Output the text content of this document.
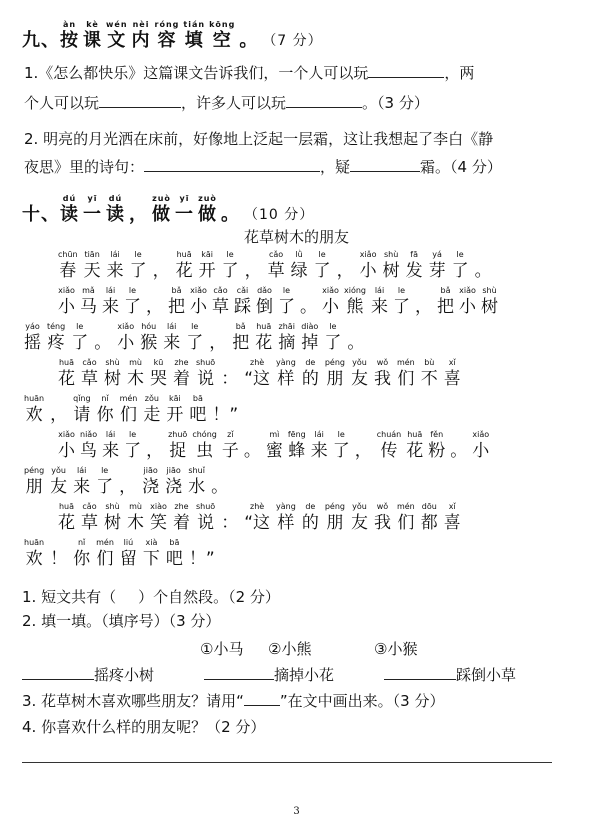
九、
àn
按
kè
课
wén
文
nèi
内
róng
容
tián
填
kōng
空 。 （7 分）
1.《怎么都快乐》这篇课文告诉我们，一个人可以玩	，两
个人可以玩	，许多人可以玩	。（3 分）
2. 明亮的月光洒在床前，好像地上泛起一层霜，这让我想起了李白《静
夜思》里的诗句：	，疑	霜。（4 分）
十、
dú
读
yī
一
dú
读 ，
zuò
做
yī
一
zuò
做 。 （10 分）
花草树木的朋友
chūn
春
tiān
天
lái
来
le
了 ，
huā
花
kāi
开
le
了 ，
cǎo
草
lǜ
绿
le
了 ，
xiǎo
小
shù
树
fā
发
yá
芽
le
了 。
xiǎo
小
mǎ
马
lái
来
le
了 ，
bǎ
把
xiǎo
小
cǎo
草
cǎi
踩
dǎo
倒
le
了 。
xiǎo
小
xióng
熊
lái
来
le
了 ，
bǎ
把
xiǎo
小
shù
树
yáo
摇
téng
疼
le
了 。
xiǎo
小
hóu
猴
lái
来
le
了 ，
bǎ
把
huā
花
zhāi
摘
diào
掉
le
了 。
huā
花
cǎo
草
shù
树
mù
木
kū
哭
zhe
着
shuō
说 ：
zhè
“这
yàng
样
de
的
péng
朋
yǒu
友
wǒ
我
mén
们
bù
不
xǐ
喜
huān
欢 ，
qǐng
请
nǐ
你
mén
们
zǒu
走
kāi
开
bā
吧 ！”
xiǎo
小
niǎo
鸟
lái
来
le
了 ，
zhuō
捉
chóng
虫
zǐ
子 。
mì
蜜
fēng
蜂
lái
来
le
了 ，
chuán
传
huā
花
fěn
粉 。
xiǎo
小
péng
朋
yǒu
友
lái
来
le
了 ，
jiāo
浇
jiāo
浇
shuǐ
水 。
huā
花
cǎo
草
shù
树
mù
木
xiào
笑
zhe
着
shuō
说 ：
zhè
“这
yàng
样
de
的
péng
朋
yǒu
友
wǒ
我
mén
们
dōu
都
xǐ
喜
huān
欢 ！
nǐ
你
mén
们
liú
留
xià
下
bā
吧 ！”
1. 短文共有（ ）个自然段。（2 分）
2. 填一填。（填序号）（3 分）
①小马 ②小熊	③小猴
摇疼小树	摘掉小花	踩倒小草
3. 花草树木喜欢哪些朋友？请用“ ”在文中画出来。（3 分）
4. 你喜欢什么样的朋友呢？（2 分）
3
